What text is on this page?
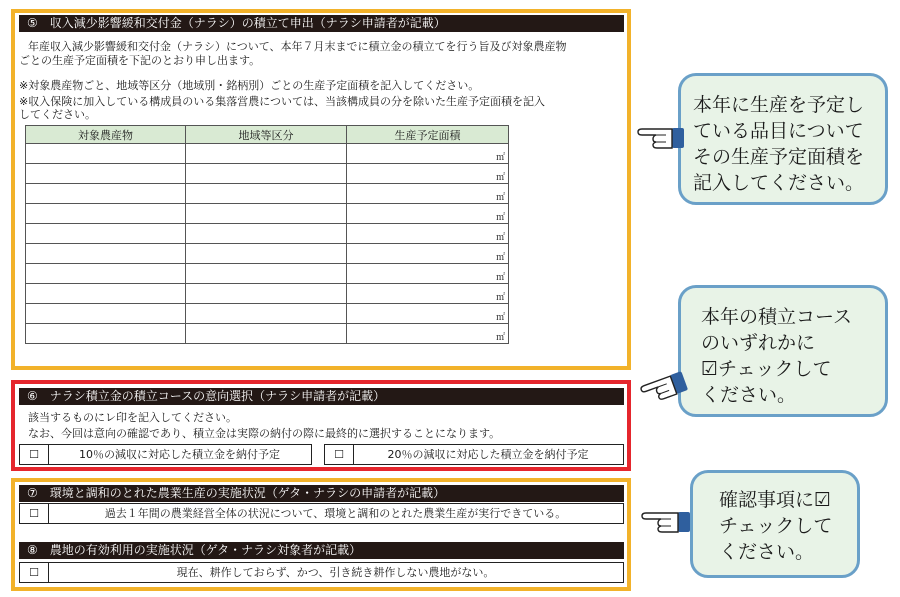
⑤　収入減少影響緩和交付金（ナラシ）の積立て申出（ナラシ申請者が記載）
年産収入減少影響緩和交付金（ナラシ）について、本年７月末までに積立金の積立てを行う旨及び対象農産物
ごとの生産予定面積を下記のとおり申し出ます。
※対象農産物ごと、地域等区分（地域別・銘柄別）ごとの生産予定面積を記入してください。
※収入保険に加入している構成員のいる集落営農については、当該構成員の分を除いた生産予定面積を記入
してください。
対象農産物	地域等区分	生産予定面積
		㎡
		㎡
		㎡
		㎡
		㎡
		㎡
		㎡
		㎡
		㎡
		㎡
⑥　ナラシ積立金の積立コースの意向選択（ナラシ申請者が記載）
該当するものにレ印を記入してください。
なお、今回は意向の確認であり、積立金は実際の納付の際に最終的に選択することになります。
☐	10％の減収に対応した積立金を納付予定	☐	20％の減収に対応した積立金を納付予定
⑦　環境と調和のとれた農業生産の実施状況（ゲタ・ナラシの申請者が記載）
☐	過去１年間の農業経営全体の状況について、環境と調和のとれた農業生産が実行できている。
⑧　農地の有効利用の実施状況（ゲタ・ナラシ対象者が記載）
☐	現在、耕作しておらず、かつ、引き続き耕作しない農地がない。
本年に生産を予定し
ている品目について
その生産予定面積を
記入してください。
本年の積立コース
のいずれかに
☑チェックして
ください。
確認事項に☑
チェックして
ください。
